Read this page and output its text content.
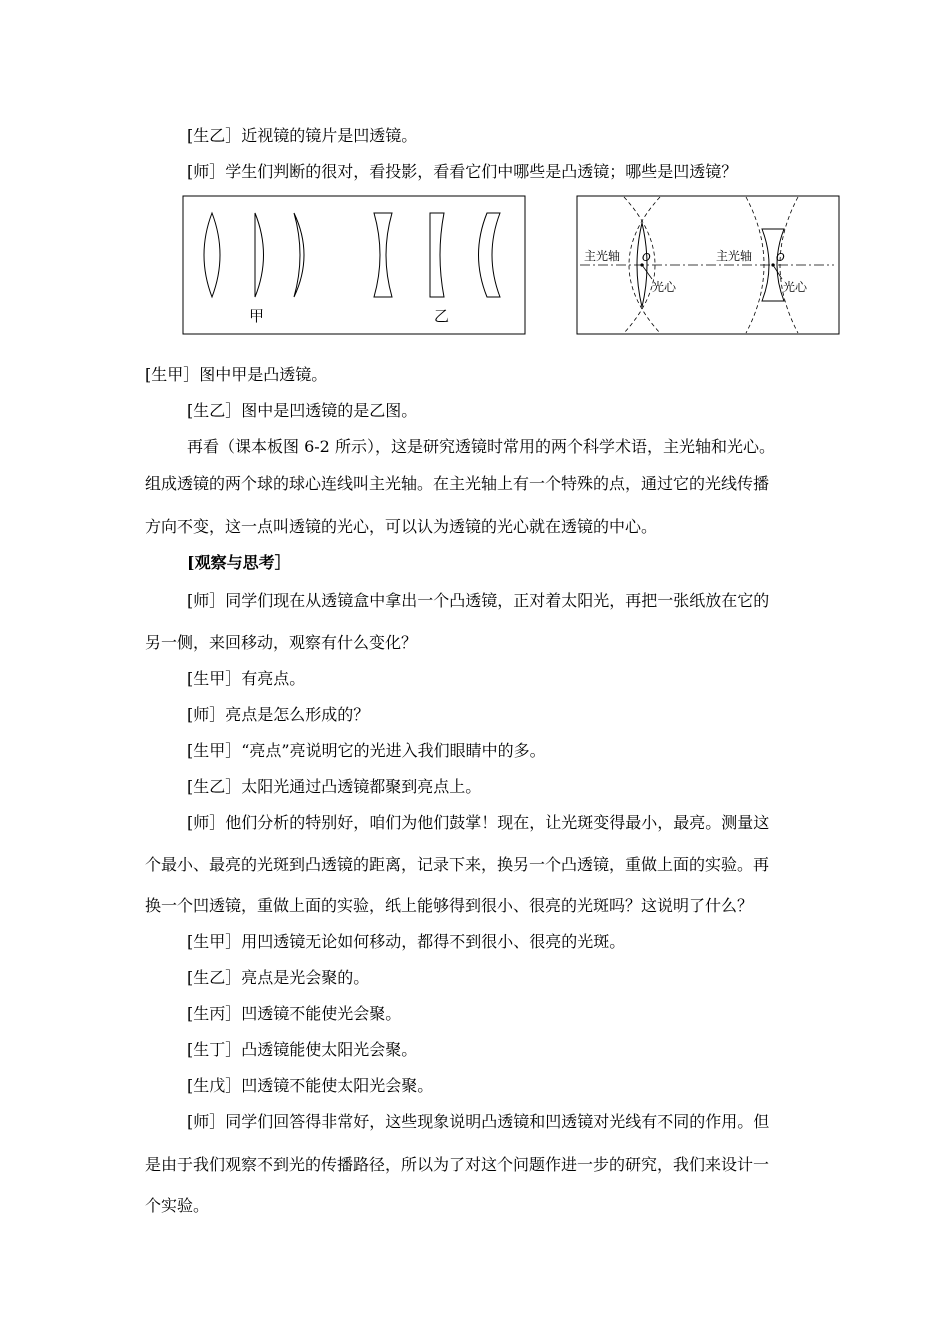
[生乙］近视镜的镜片是凹透镜。
[师］学生们判断的很对，看投影，看看它们中哪些是凸透镜；哪些是凹透镜？
甲	乙
主光轴 O
光心
主光轴 O
光心
[生甲］图中甲是凸透镜。
[生乙］图中是凹透镜的是乙图。
再看（课本板图 6-2 所示），这是研究透镜时常用的两个科学术语，主光轴和光心。
组成透镜的两个球的球心连线叫主光轴。在主光轴上有一个特殊的点，通过它的光线传播
方向不变，这一点叫透镜的光心，可以认为透镜的光心就在透镜的中心。
[观察与思考］
[师］同学们现在从透镜盒中拿出一个凸透镜，正对着太阳光，再把一张纸放在它的
另一侧，来回移动，观察有什么变化？
[生甲］有亮点。
[师］亮点是怎么形成的？
[生甲］“亮点”亮说明它的光进入我们眼睛中的多。
[生乙］太阳光通过凸透镜都聚到亮点上。
[师］他们分析的特别好，咱们为他们鼓掌！现在，让光斑变得最小，最亮。测量这
个最小、最亮的光斑到凸透镜的距离，记录下来，换另一个凸透镜，重做上面的实验。再
换一个凹透镜，重做上面的实验，纸上能够得到很小、很亮的光斑吗？这说明了什么？
[生甲］用凹透镜无论如何移动，都得不到很小、很亮的光斑。
[生乙］亮点是光会聚的。
[生丙］凹透镜不能使光会聚。
[生丁］凸透镜能使太阳光会聚。
[生戊］凹透镜不能使太阳光会聚。
[师］同学们回答得非常好，这些现象说明凸透镜和凹透镜对光线有不同的作用。但
是由于我们观察不到光的传播路径，所以为了对这个问题作进一步的研究，我们来设计一
个实验。
